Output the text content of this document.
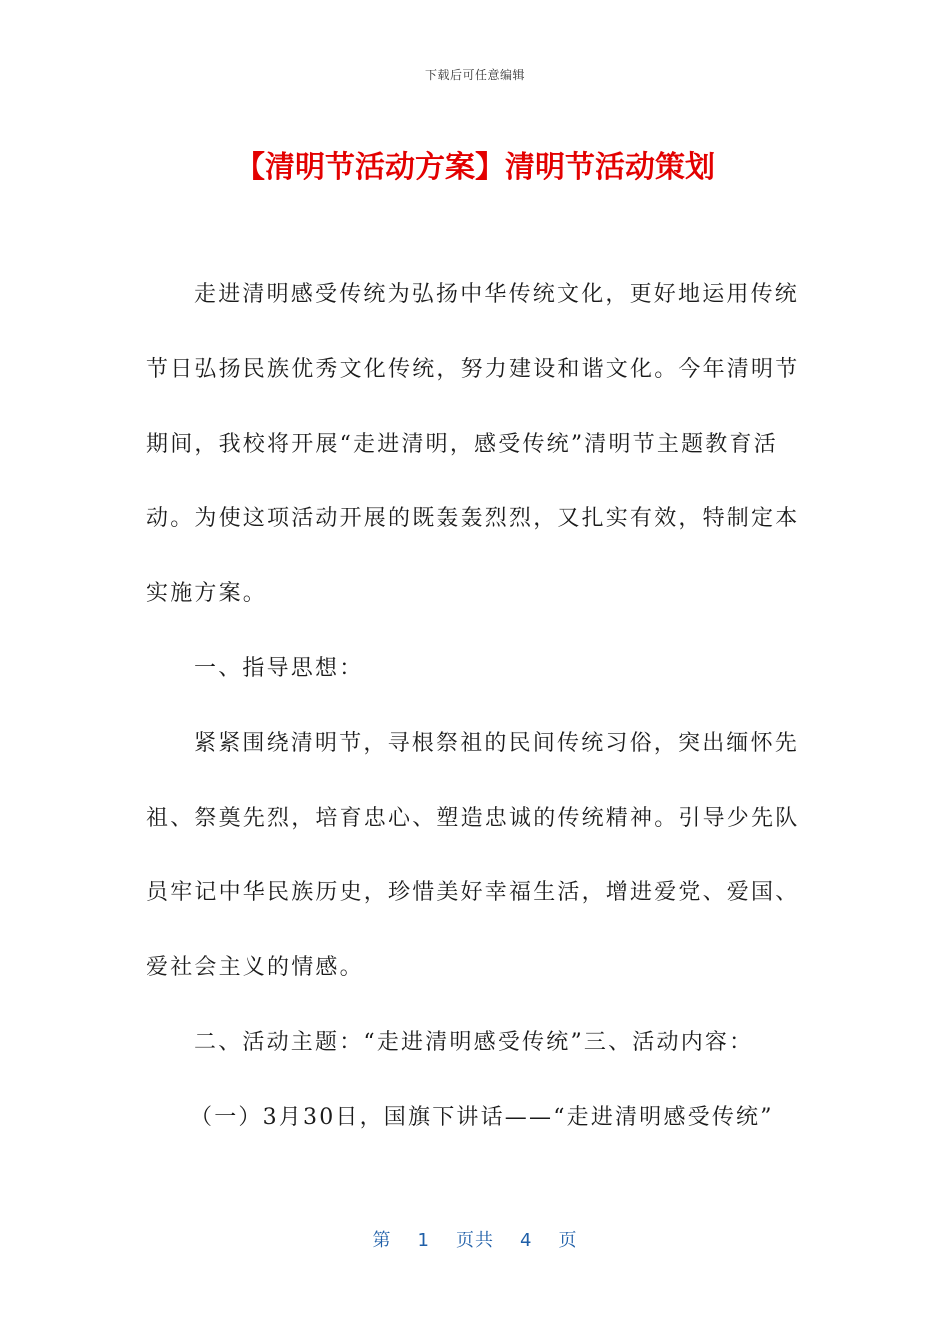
下载后可任意编辑
【清明节活动方案】清明节活动策划
走进清明感受传统为弘扬中华传统文化，更好地运用传统
节日弘扬民族优秀文化传统，努力建设和谐文化。今年清明节
期间，我校将开展“走进清明，感受传统”清明节主题教育活
动。为使这项活动开展的既轰轰烈烈，又扎实有效，特制定本
实施方案。
一、指导思想：
紧紧围绕清明节，寻根祭祖的民间传统习俗，突出缅怀先
祖、祭奠先烈，培育忠心、塑造忠诚的传统精神。引导少先队
员牢记中华民族历史，珍惜美好幸福生活，增进爱党、爱国、
爱社会主义的情感。
二、活动主题：“走进清明感受传统”三、活动内容：
（一）3月30日，国旗下讲话——“走进清明感受传统”
第 1 页共 4 页
